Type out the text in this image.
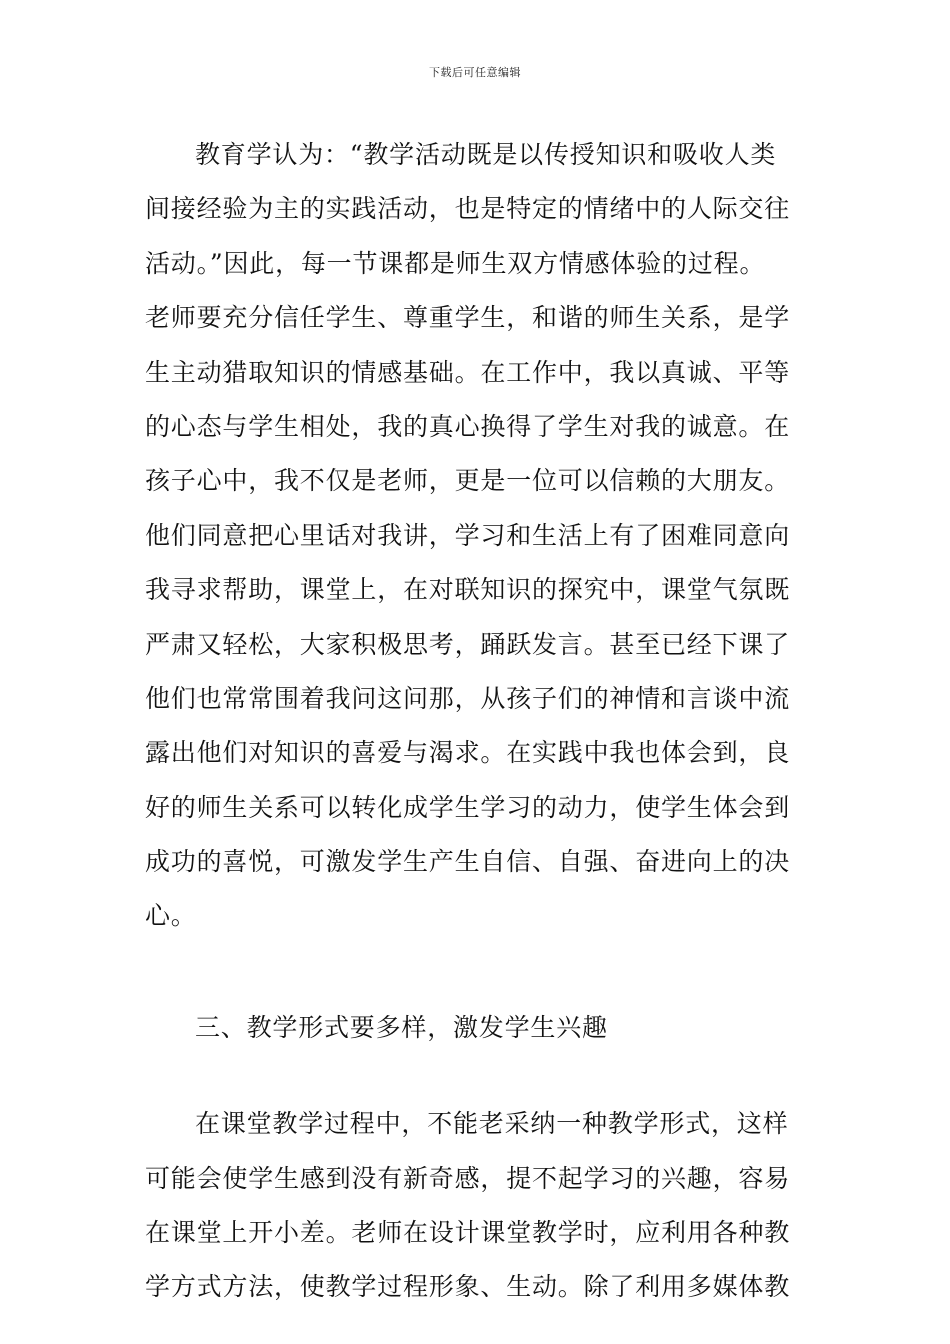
下载后可任意编辑
教育学认为：“教学活动既是以传授知识和吸收人类
间接经验为主的实践活动，也是特定的情绪中的人际交往
活动。”因此，每一节课都是师生双方情感体验的过程。
老师要充分信任学生、尊重学生，和谐的师生关系，是学
生主动猎取知识的情感基础。在工作中，我以真诚、平等
的心态与学生相处，我的真心换得了学生对我的诚意。在
孩子心中，我不仅是老师，更是一位可以信赖的大朋友。
他们同意把心里话对我讲，学习和生活上有了困难同意向
我寻求帮助，课堂上，在对联知识的探究中，课堂气氛既
严肃又轻松，大家积极思考，踊跃发言。甚至已经下课了
他们也常常围着我问这问那，从孩子们的神情和言谈中流
露出他们对知识的喜爱与渴求。在实践中我也体会到，良
好的师生关系可以转化成学生学习的动力，使学生体会到
成功的喜悦，可激发学生产生自信、自强、奋进向上的决
心。
三、教学形式要多样，激发学生兴趣
在课堂教学过程中，不能老采纳一种教学形式，这样
可能会使学生感到没有新奇感，提不起学习的兴趣，容易
在课堂上开小差。老师在设计课堂教学时，应利用各种教
学方式方法，使教学过程形象、生动。除了利用多媒体教
